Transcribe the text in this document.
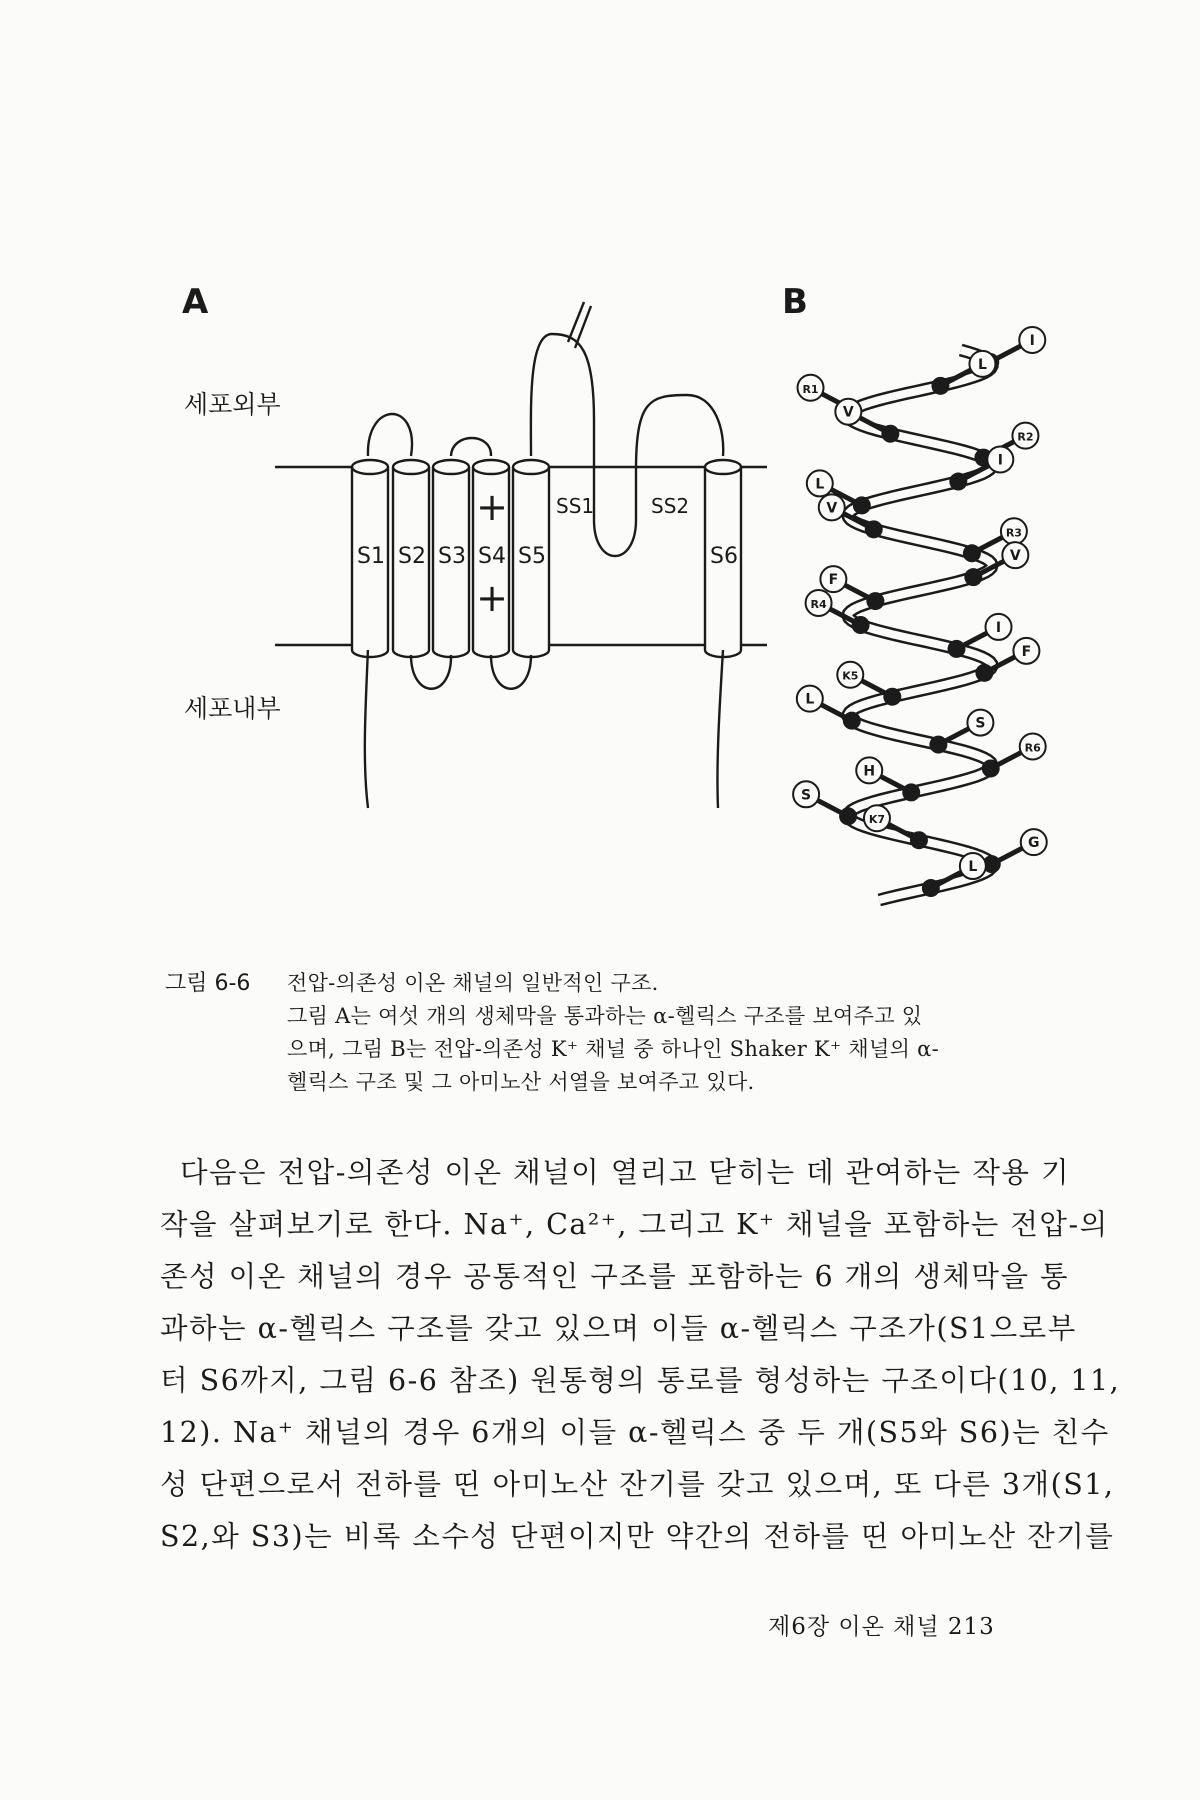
A
세포외부
세포내부
S1 S2 S3 S4 S5	S6
SS1	SS2
+
+
B
I
L
R1
V
R2
I
L
V
R3
V
F
R4
I
F
K5
L
S
R6
H
S
K7
G
L
그림 6-6 전압-의존성 이온 채널의 일반적인 구조.
그림 A는 여섯 개의 생체막을 통과하는 α-헬릭스 구조를 보여주고 있
으며, 그림 B는 전압-의존성 K⁺ 채널 중 하나인 Shaker K⁺ 채널의 α-
헬릭스 구조 및 그 아미노산 서열을 보여주고 있다.
다음은 전압-의존성 이온 채널이 열리고 닫히는 데 관여하는 작용 기
작을 살펴보기로 한다. Na⁺, Ca²⁺, 그리고 K⁺ 채널을 포함하는 전압-의
존성 이온 채널의 경우 공통적인 구조를 포함하는 6 개의 생체막을 통
과하는 α-헬릭스 구조를 갖고 있으며 이들 α-헬릭스 구조가(S1으로부
터 S6까지, 그림 6-6 참조) 원통형의 통로를 형성하는 구조이다(10, 11,
12). Na⁺ 채널의 경우 6개의 이들 α-헬릭스 중 두 개(S5와 S6)는 친수
성 단편으로서 전하를 띤 아미노산 잔기를 갖고 있으며, 또 다른 3개(S1,
S2,와 S3)는 비록 소수성 단편이지만 약간의 전하를 띤 아미노산 잔기를
제6장 이온 채널 213
